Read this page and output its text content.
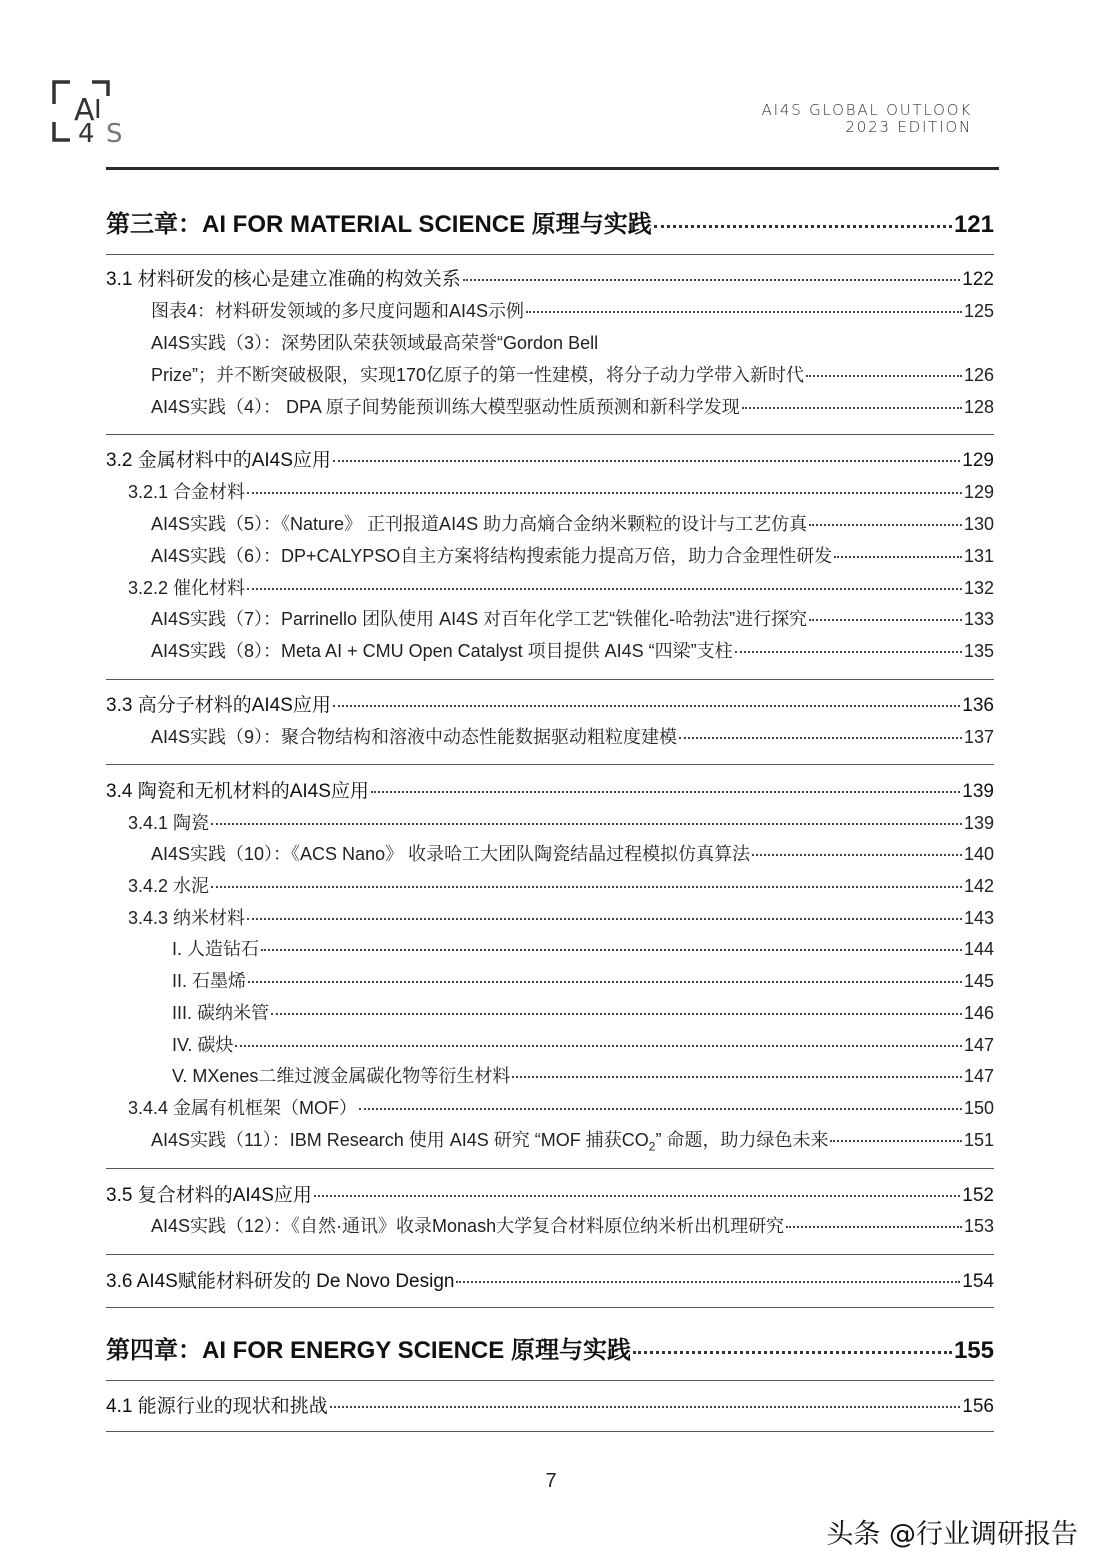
A I
4 S
AI4S GLOBAL OUTLOOK
2023 EDITION
第三章：AI FOR MATERIAL SCIENCE 原理与实践	121
3.1 材料研发的核心是建立准确的构效关系	122
图表4：材料研发领域的多尺度问题和AI4S示例	125
AI4S实践（3）：深势团队荣获领域最高荣誉“Gordon Bell
Prize”；并不断突破极限，实现170亿原子的第一性建模，将分子动力学带入新时代	126
AI4S实践（4）： DPA 原子间势能预训练大模型驱动性质预测和新科学发现	128
3.2 金属材料中的AI4S应用	129
3.2.1 合金材料	129
AI4S实践（5）：《Nature》 正刊报道AI4S 助力高熵合金纳米颗粒的设计与工艺仿真	130
AI4S实践（6）：DP+CALYPSO自主方案将结构搜索能力提高万倍，助力合金理性研发	131
3.2.2 催化材料	132
AI4S实践（7）：Parrinello 团队使用 AI4S 对百年化学工艺“铁催化-哈勃法”进行探究	133
AI4S实践（8）：Meta AI + CMU Open Catalyst 项目提供 AI4S “四梁”支柱	135
3.3 高分子材料的AI4S应用	136
AI4S实践（9）：聚合物结构和溶液中动态性能数据驱动粗粒度建模	137
3.4 陶瓷和无机材料的AI4S应用	139
3.4.1 陶瓷	139
AI4S实践（10）：《ACS Nano》 收录哈工大团队陶瓷结晶过程模拟仿真算法	140
3.4.2 水泥	142
3.4.3 纳米材料	143
I. 人造钻石	144
II. 石墨烯	145
III. 碳纳米管	146
IV. 碳炔	147
V. MXenes二维过渡金属碳化物等衍生材料	147
3.4.4 金属有机框架（MOF）	150
AI4S实践（11）：IBM Research 使用 AI4S 研究 “MOF 捕获$CO_2$” 命题，助力绿色未来	151
3.5 复合材料的AI4S应用	152
AI4S实践（12）：《自然·通讯》收录Monash大学复合材料原位纳米析出机理研究	153
3.6 AI4S赋能材料研发的 De Novo Design	154
第四章：AI FOR ENERGY SCIENCE 原理与实践	155
4.1 能源行业的现状和挑战	156
7
头条 @行业调研报告
